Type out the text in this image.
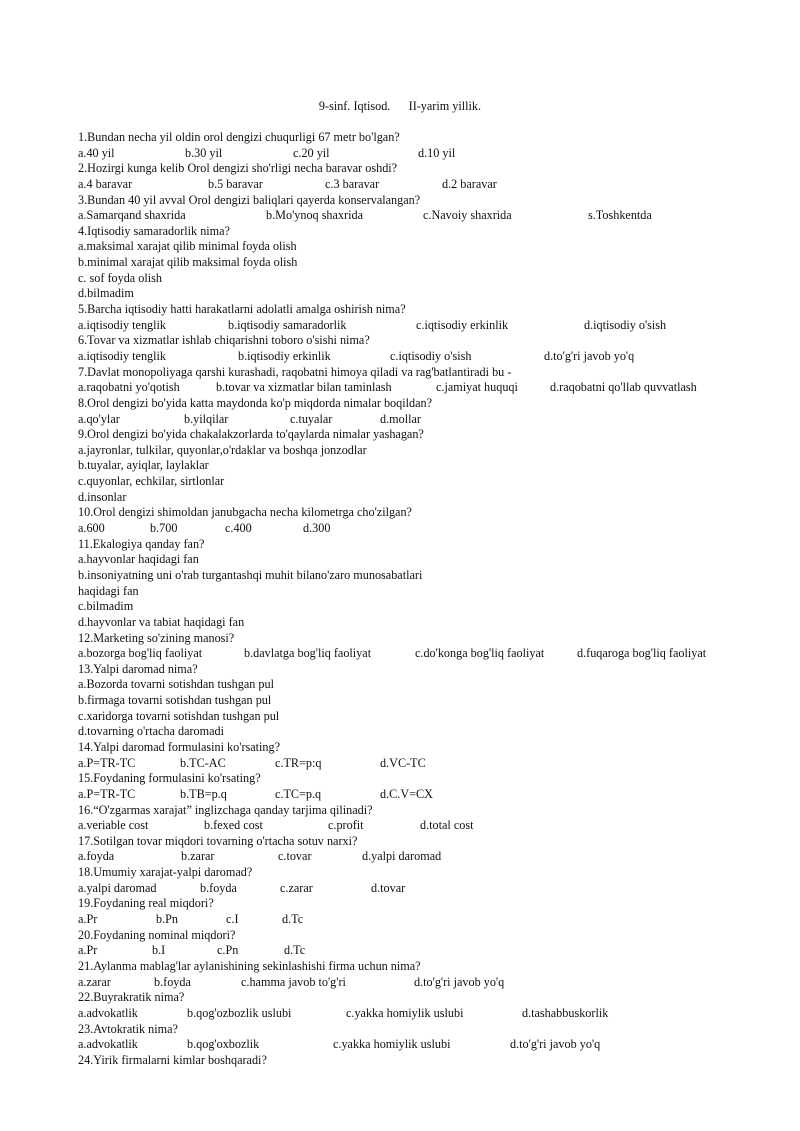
9-sinf. Iqtisod.      II-yarim yillik.
1.Bundan necha yil oldin orol dengizi chuqurligi 67 metr bo'lgan?
a.40 yil	b.30 yil	c.20 yil	d.10 yil
2.Hozirgi kunga kelib Orol dengizi sho'rligi necha baravar oshdi?
a.4 baravar	b.5 baravar	c.3 baravar	d.2 baravar
3.Bundan 40 yil avval Orol dengizi baliqlari qayerda konservalangan?
a.Samarqand shaxrida	b.Mo'ynoq shaxrida	c.Navoiy shaxrida	s.Toshkentda
4.Iqtisodiy samaradorlik nima?
a.maksimal xarajat qilib minimal foyda olish
b.minimal xarajat qilib maksimal foyda olish
c. sof foyda olish
d.bilmadim
5.Barcha iqtisodiy hatti harakatlarni adolatli amalga oshirish nima?
a.iqtisodiy tenglik	b.iqtisodiy samaradorlik	c.iqtisodiy erkinlik	d.iqtisodiy o'sish
6.Tovar va xizmatlar ishlab chiqarishni toboro o'sishi nima?
a.iqtisodiy tenglik	b.iqtisodiy erkinlik	c.iqtisodiy o'sish	d.to'g'ri javob yo'q
7.Davlat monopoliyaga qarshi kurashadi, raqobatni himoya qiladi va rag'batlantiradi bu -
a.raqobatni yo'qotish	b.tovar va xizmatlar bilan taminlash	c.jamiyat huquqi	d.raqobatni qo'llab quvvatlash
8.Orol dengizi bo'yida katta maydonda ko'p miqdorda nimalar boqildan?
a.qo'ylar	b.yilqilar	c.tuyalar	d.mollar
9.Orol dengizi bo'yida chakalakzorlarda to'qaylarda nimalar yashagan?
a.jayronlar, tulkilar, quyonlar,o'rdaklar va boshqa jonzodlar
b.tuyalar, ayiqlar, laylaklar
c.quyonlar, echkilar, sirtlonlar
d.insonlar
10.Orol dengizi shimoldan janubgacha necha kilometrga cho'zilgan?
a.600	b.700	c.400	d.300
11.Ekalogiya qanday fan?
a.hayvonlar haqidagi fan
b.insoniyatning uni o'rab turgantashqi muhit bilano'zaro munosabatlari
haqidagi fan
c.bilmadim
d.hayvonlar va tabiat haqidagi fan
12.Marketing so'zining manosi?
a.bozorga bog'liq faoliyat	b.davlatga bog'liq faoliyat	c.do'konga bog'liq faoliyat	d.fuqaroga bog'liq faoliyat
13.Yalpi daromad nima?
a.Bozorda tovarni sotishdan tushgan pul
b.firmaga tovarni sotishdan tushgan pul
c.xaridorga tovarni sotishdan tushgan pul
d.tovarning o'rtacha daromadi
14.Yalpi daromad formulasini ko'rsating?
a.P=TR-TC	b.TC-AC	c.TR=p:q	d.VC-TC
15.Foydaning formulasini ko'rsating?
a.P=TR-TC	b.TB=p.q	c.TC=p.q	d.C.V=CX
16.“O'zgarmas xarajat” inglizchaga qanday tarjima qilinadi?
a.veriable cost	b.fexed cost	c.profit	d.total cost
17.Sotilgan tovar miqdori tovarning o'rtacha sotuv narxi?
a.foyda	b.zarar	c.tovar	d.yalpi daromad
18.Umumiy xarajat-yalpi daromad?
a.yalpi daromad	b.foyda	c.zarar	d.tovar
19.Foydaning real miqdori?
a.Pr	b.Pn	c.I	d.Tc
20.Foydaning nominal miqdori?
a.Pr	b.I	c.Pn	d.Tc
21.Aylanma mablag'lar aylanishining sekinlashishi firma uchun nima?
a.zarar	b.foyda	c.hamma javob to'g'ri	d.to'g'ri javob yo'q
22.Buyrakratik nima?
a.advokatlik	b.qog'ozbozlik uslubi	c.yakka homiylik uslubi	d.tashabbuskorlik
23.Avtokratik nima?
a.advokatlik	b.qog'oxbozlik	c.yakka homiylik uslubi	d.to'g'ri javob yo'q
24.Yirik firmalarni kimlar boshqaradi?
